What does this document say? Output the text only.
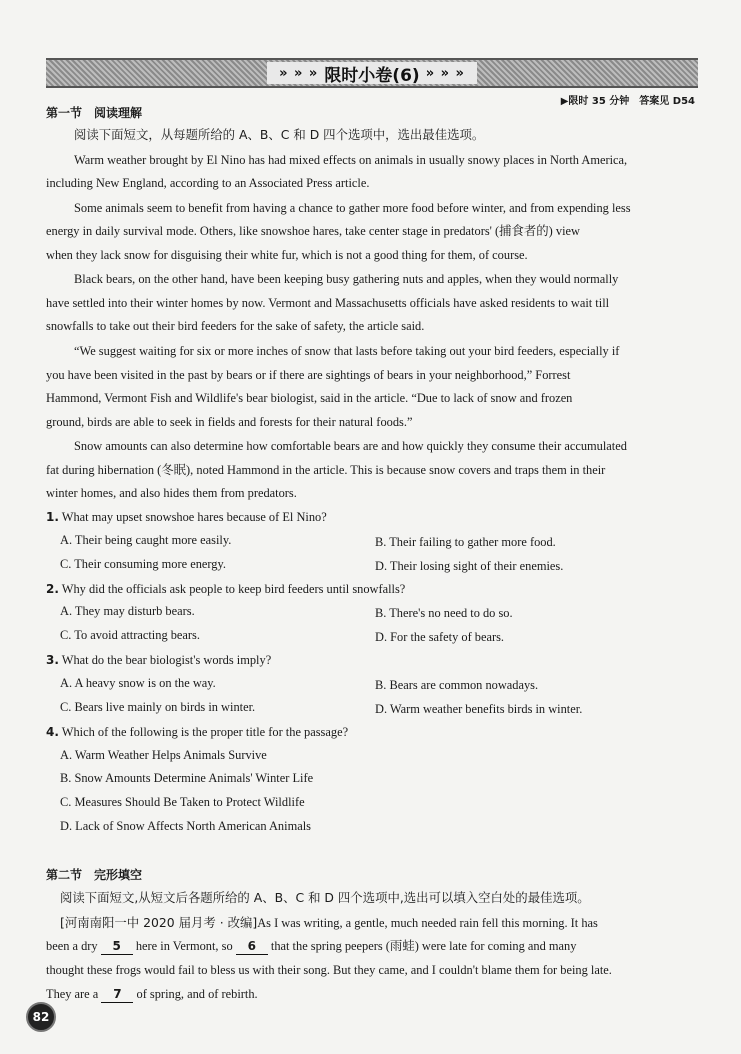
» » » 限时小卷(6) » » »
▶限时 35 分钟　答案见 D54
第一节　阅读理解
阅读下面短文，从每题所给的 A、B、C 和 D 四个选项中，选出最佳选项。
Warm weather brought by El Nino has had mixed effects on animals in usually snowy places in North America,
including New England, according to an Associated Press article.
Some animals seem to benefit from having a chance to gather more food before winter, and from expending less
energy in daily survival mode. Others, like snowshoe hares, take center stage in predators' (捕食者的) view
when they lack snow for disguising their white fur, which is not a good thing for them, of course.
Black bears, on the other hand, have been keeping busy gathering nuts and apples, when they would normally
have settled into their winter homes by now. Vermont and Massachusetts officials have asked residents to wait till
snowfalls to take out their bird feeders for the sake of safety, the article said.
“We suggest waiting for six or more inches of snow that lasts before taking out your bird feeders, especially if
you have been visited in the past by bears or if there are sightings of bears in your neighborhood,” Forrest
Hammond, Vermont Fish and Wildlife's bear biologist, said in the article. “Due to lack of snow and frozen
ground, birds are able to seek in fields and forests for their natural foods.”
Snow amounts can also determine how comfortable bears are and how quickly they consume their accumulated
fat during hibernation (冬眠), noted Hammond in the article. This is because snow covers and traps them in their
winter homes, and also hides them from predators.
1. What may upset snowshoe hares because of El Nino?
A. Their being caught more easily.	B. Their failing to gather more food.
C. Their consuming more energy.	D. Their losing sight of their enemies.
2. Why did the officials ask people to keep bird feeders until snowfalls?
A. They may disturb bears.	B. There's no need to do so.
C. To avoid attracting bears.	D. For the safety of bears.
3. What do the bear biologist's words imply?
A. A heavy snow is on the way.	B. Bears are common nowadays.
C. Bears live mainly on birds in winter.	D. Warm weather benefits birds in winter.
4. Which of the following is the proper title for the passage?
A. Warm Weather Helps Animals Survive
B. Snow Amounts Determine Animals' Winter Life
C. Measures Should Be Taken to Protect Wildlife
D. Lack of Snow Affects North American Animals
第二节　完形填空
阅读下面短文,从短文后各题所给的 A、B、C 和 D 四个选项中,选出可以填入空白处的最佳选项。
[河南南阳一中 2020 届月考 · 改编]As I was writing, a gentle, much needed rain fell this morning. It has
been a dry 5 here in Vermont, so 6 that the spring peepers (雨蛙) were late for coming and many
thought these frogs would fail to bless us with their song. But they came, and I couldn't blame them for being late.
They are a 7 of spring, and of rebirth.
82
